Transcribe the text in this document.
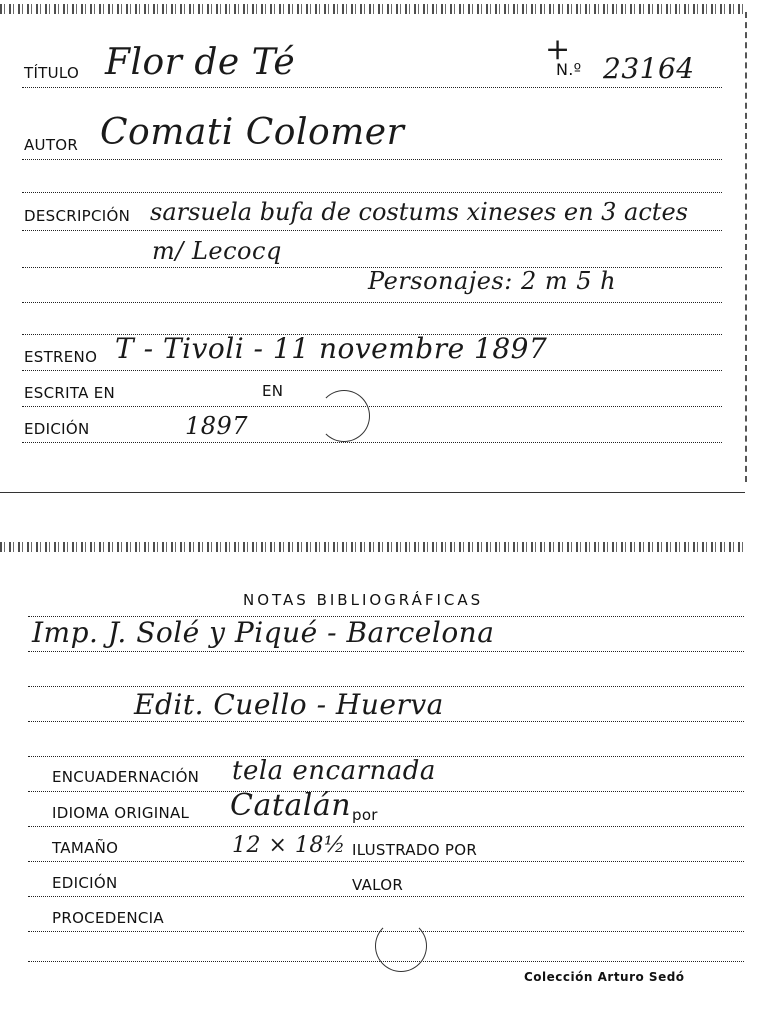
TÍTULO Flor de Té	+
N.º 23164
AUTOR Comati Colomer
DESCRIPCIÓN sarsuela bufa de costums xineses en 3 actes
m/ Lecocq
Personajes: 2 m 5 h
ESTRENO T - Tivoli - 11 novembre 1897
ESCRITA EN	EN
EDICIÓN	1897
NOTAS BIBLIOGRÁFICAS
Imp. J. Solé y Piqué - Barcelona
Edit. Cuello - Huerva
ENCUADERNACIÓN tela encarnada
IDIOMA ORIGINAL Catalán por
TAMAÑO	12 × 18½ ILUSTRADO POR
EDICIÓN	VALOR
PROCEDENCIA
Colección Arturo Sedó
